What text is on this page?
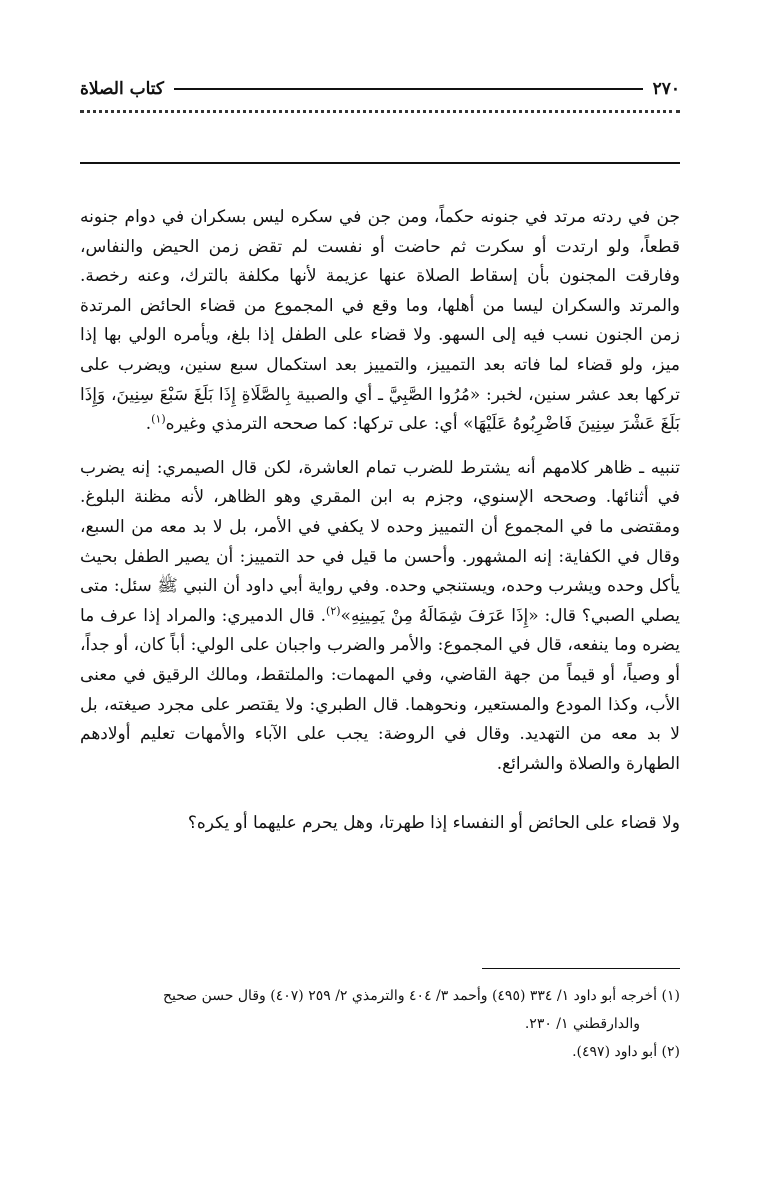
٢٧٠
كتاب الصلاة

جن في ردته مرتد في جنونه حكماً، ومن جن في سكره ليس بسكران في دوام جنونه قطعاً، ولو ارتدت أو سكرت ثم حاضت أو نفست لم تقض زمن الحيض والنفاس، وفارقت المجنون بأن إسقاط الصلاة عنها عزيمة لأنها مكلفة بالترك، وعنه رخصة. والمرتد والسكران ليسا من أهلها، وما وقع في المجموع من قضاء الحائض المرتدة زمن الجنون نسب فيه إلى السهو. ولا قضاء على الطفل إذا بلغ، ويأمره الولي بها إذا ميز، ولو قضاء لما فاته بعد التمييز، والتمييز بعد استكمال سبع سنين، ويضرب على تركها بعد عشر سنين، لخبر: «مُرُوا الصَّبِيَّ ـ أي والصبية بِالصَّلَاةِ إِذَا بَلَغَ سَبْعَ سِنِينَ، وَإِذَا بَلَغَ عَشْرَ سِنِينَ فَاضْرِبُوهُ عَلَيْهَا» أي: على تركها: كما صححه الترمذي وغيره$^{(١)}$.

تنبيه ـ ظاهر كلامهم أنه يشترط للضرب تمام العاشرة، لكن قال الصيمري: إنه يضرب في أثنائها. وصححه الإسنوي، وجزم به ابن المقري وهو الظاهر، لأنه مظنة البلوغ. ومقتضى ما في المجموع أن التمييز وحده لا يكفي في الأمر، بل لا بد معه من السبع، وقال في الكفاية: إنه المشهور. وأحسن ما قيل في حد التمييز: أن يصير الطفل بحيث يأكل وحده ويشرب وحده، ويستنجي وحده. وفي رواية أبي داود أن النبي ﷺ سئل: متى يصلي الصبي؟ قال: «إِذَا عَرَفَ شِمَالَهُ مِنْ يَمِينِهِ»$^{(٢)}$. قال الدميري: والمراد إذا عرف ما يضره وما ينفعه، قال في المجموع: والأمر والضرب واجبان على الولي: أباً كان، أو جداً، أو وصياً، أو قيماً من جهة القاضي، وفي المهمات: والملتقط، ومالك الرقيق في معنى الأب، وكذا المودع والمستعير، ونحوهما. قال الطبري: ولا يقتصر على مجرد صيغته، بل لا بد معه من التهديد. وقال في الروضة: يجب على الآباء والأمهات تعليم أولادهم الطهارة والصلاة والشرائع.

ولا قضاء على الحائض أو النفساء إذا طهرتا، وهل يحرم عليهما أو يكره؟

(١) أخرجه أبو داود ١/ ٣٣٤ (٤٩٥) وأحمد ٣/ ٤٠٤ والترمذي ٢/ ٢٥٩ (٤٠٧) وقال حسن صحيح
والدارقطني ١/ ٢٣٠.
(٢) أبو داود (٤٩٧).
